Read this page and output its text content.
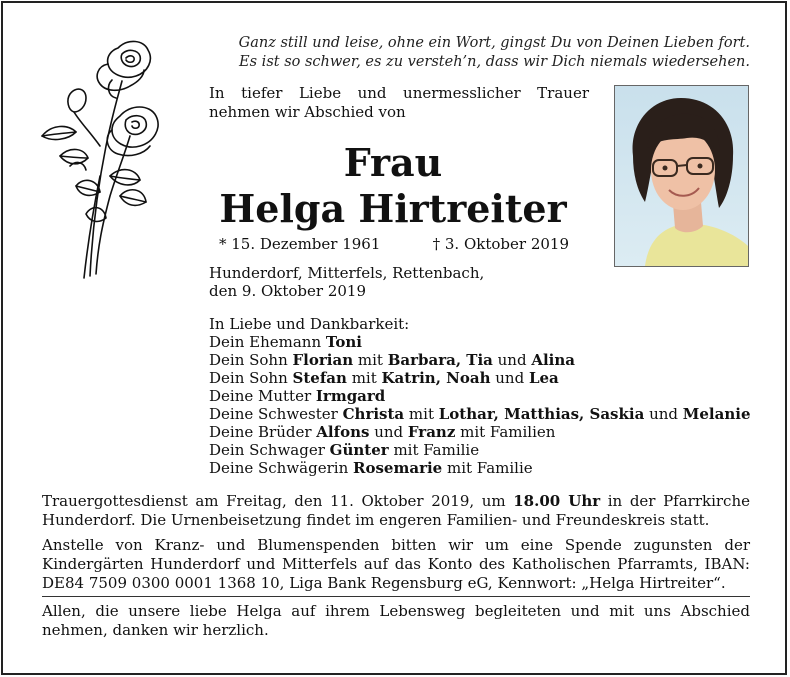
Ganz still und leise, ohne ein Wort, gingst Du von Deinen Lieben fort.
Es ist so schwer, es zu versteh’n, dass wir Dich niemals wiedersehen.
In tiefer Liebe und unermesslicher Trauer nehmen wir Abschied von
Frau
Helga Hirtreiter
* 15. Dezember 1961	† 3. Oktober 2019
Hunderdorf, Mitterfels, Rettenbach,
den 9. Oktober 2019
In Liebe und Dankbarkeit:
Dein Ehemann Toni
Dein Sohn Florian mit Barbara, Tia und Alina
Dein Sohn Stefan mit Katrin, Noah und Lea
Deine Mutter Irmgard
Deine Schwester Christa mit Lothar, Matthias, Saskia und Melanie
Deine Brüder Alfons und Franz mit Familien
Dein Schwager Günter mit Familie
Deine Schwägerin Rosemarie mit Familie
Trauergottesdienst am Freitag, den 11. Oktober 2019, um 18.00 Uhr in der Pfarrkirche Hunderdorf. Die Urnenbeisetzung findet im engeren Familien- und Freundeskreis statt.
Anstelle von Kranz- und Blumenspenden bitten wir um eine Spende zugunsten der Kindergärten Hunderdorf und Mitterfels auf das Konto des Katholischen Pfarramts, IBAN: DE84 7509 0300 0001 1368 10, Liga Bank Regensburg eG, Kennwort: „Helga Hirtreiter“.
Allen, die unsere liebe Helga auf ihrem Lebensweg begleiteten und mit uns Abschied nehmen, danken wir herzlich.
